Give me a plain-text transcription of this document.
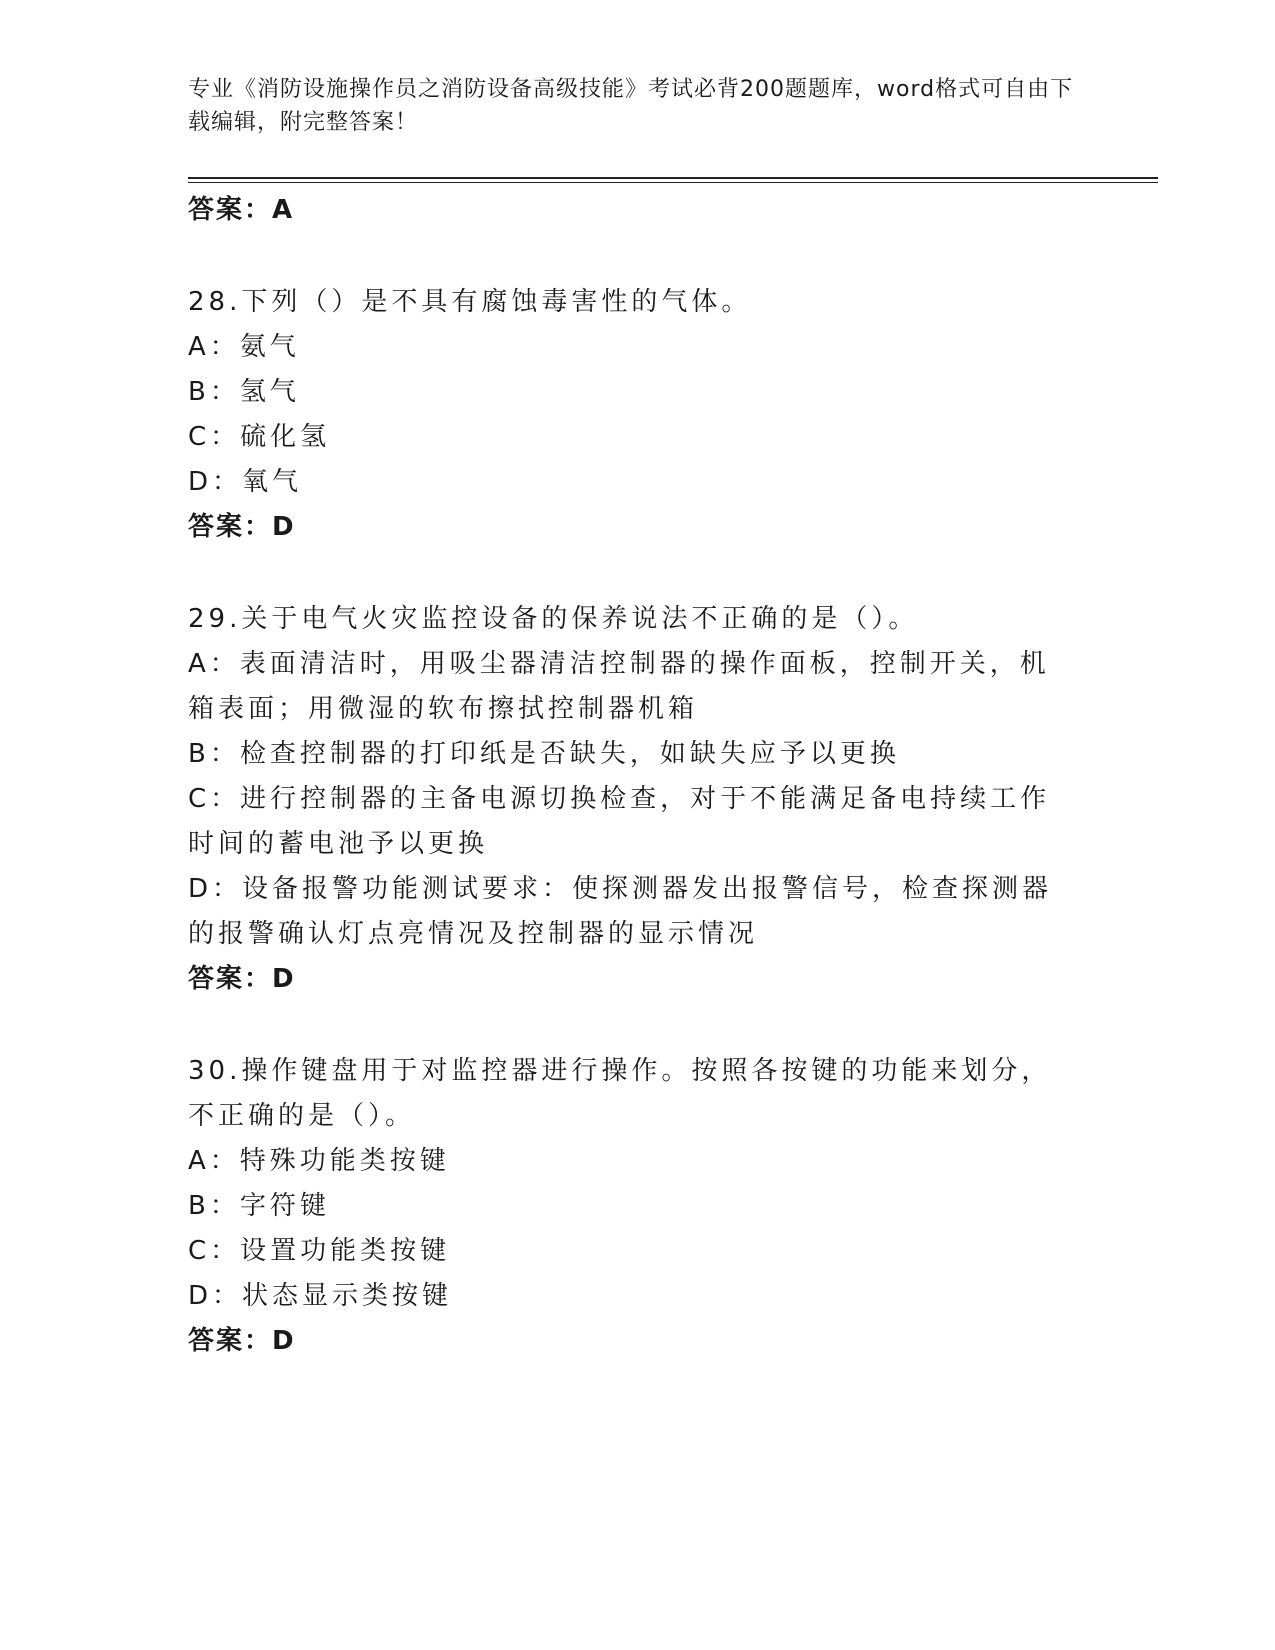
专业《消防设施操作员之消防设备高级技能》考试必背200题题库，word格式可自由下载编辑，附完整答案！
答案：A
28.下列（）是不具有腐蚀毒害性的气体。
A：氨气
B：氢气
C：硫化氢
D：氧气
答案：D
29.关于电气火灾监控设备的保养说法不正确的是（）。
A：表面清洁时，用吸尘器清洁控制器的操作面板，控制开关，机箱表面；用微湿的软布擦拭控制器机箱
B：检查控制器的打印纸是否缺失，如缺失应予以更换
C：进行控制器的主备电源切换检查，对于不能满足备电持续工作时间的蓄电池予以更换
D：设备报警功能测试要求：使探测器发出报警信号，检查探测器的报警确认灯点亮情况及控制器的显示情况
答案：D
30.操作键盘用于对监控器进行操作。按照各按键的功能来划分，不正确的是（）。
A：特殊功能类按键
B：字符键
C：设置功能类按键
D：状态显示类按键
答案：D
